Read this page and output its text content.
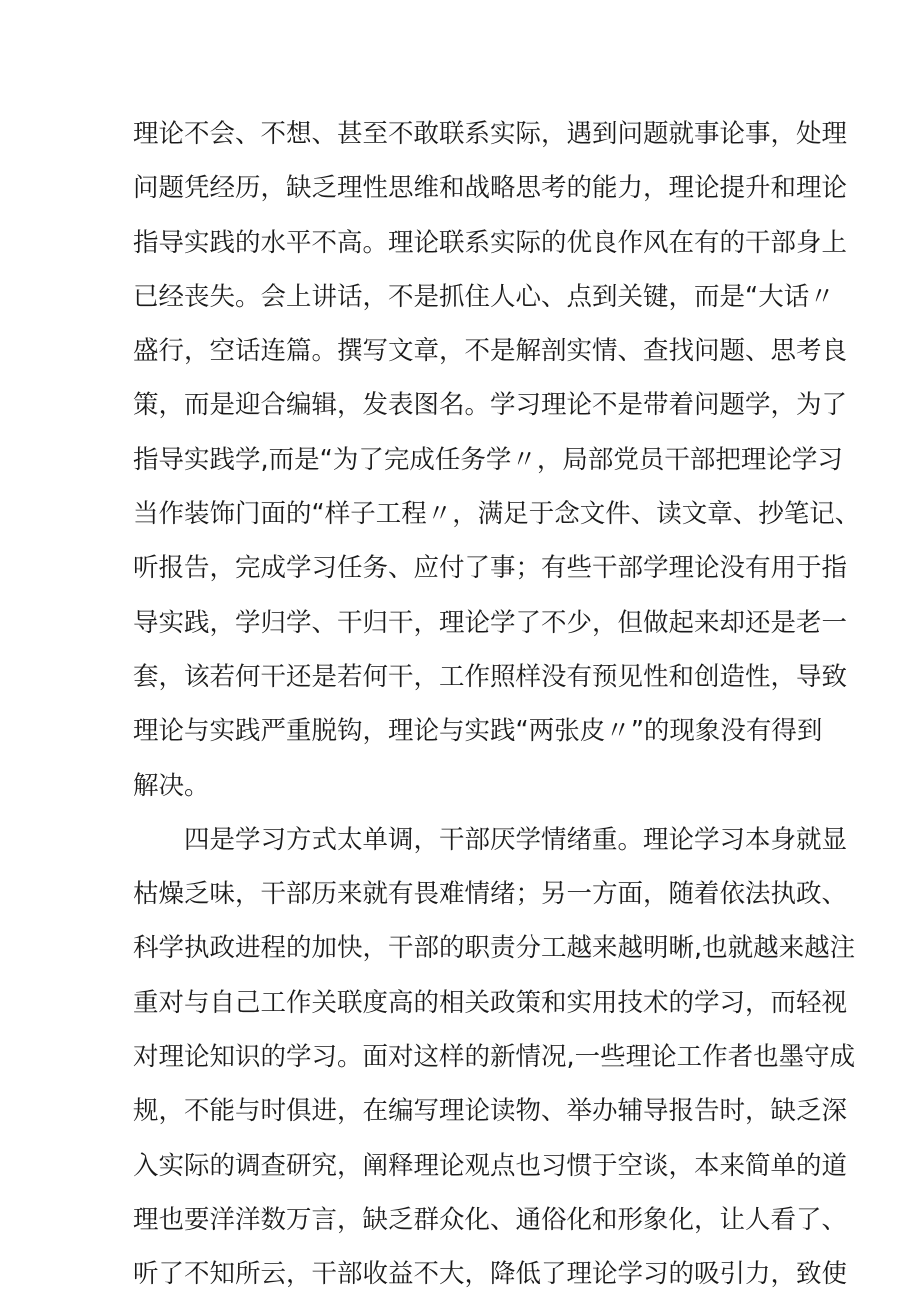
理论不会、不想、甚至不敢联系实际，遇到问题就事论事，处理
问题凭经历，缺乏理性思维和战略思考的能力，理论提升和理论
指导实践的水平不高。理论联系实际的优良作风在有的干部身上
已经丧失。会上讲话，不是抓住人心、点到关键，而是“大话〃
盛行，空话连篇。撰写文章，不是解剖实情、查找问题、思考良
策，而是迎合编辑，发表图名。学习理论不是带着问题学，为了
指导实践学,而是“为了完成任务学〃，局部党员干部把理论学习
当作装饰门面的“样子工程〃，满足于念文件、读文章、抄笔记、
听报告，完成学习任务、应付了事；有些干部学理论没有用于指
导实践，学归学、干归干，理论学了不少，但做起来却还是老一
套，该若何干还是若何干，工作照样没有预见性和创造性，导致
理论与实践严重脱钩，理论与实践“两张皮〃”的现象没有得到
解决。
四是学习方式太单调，干部厌学情绪重。理论学习本身就显
枯燥乏味，干部历来就有畏难情绪；另一方面，随着依法执政、
科学执政进程的加快，干部的职责分工越来越明晰,也就越来越注
重对与自己工作关联度高的相关政策和实用技术的学习，而轻视
对理论知识的学习。面对这样的新情况,一些理论工作者也墨守成
规，不能与时俱进，在编写理论读物、举办辅导报告时，缺乏深
入实际的调查研究，阐释理论观点也习惯于空谈，本来简单的道
理也要洋洋数万言，缺乏群众化、通俗化和形象化，让人看了、
听了不知所云，干部收益不大，降低了理论学习的吸引力，致使
